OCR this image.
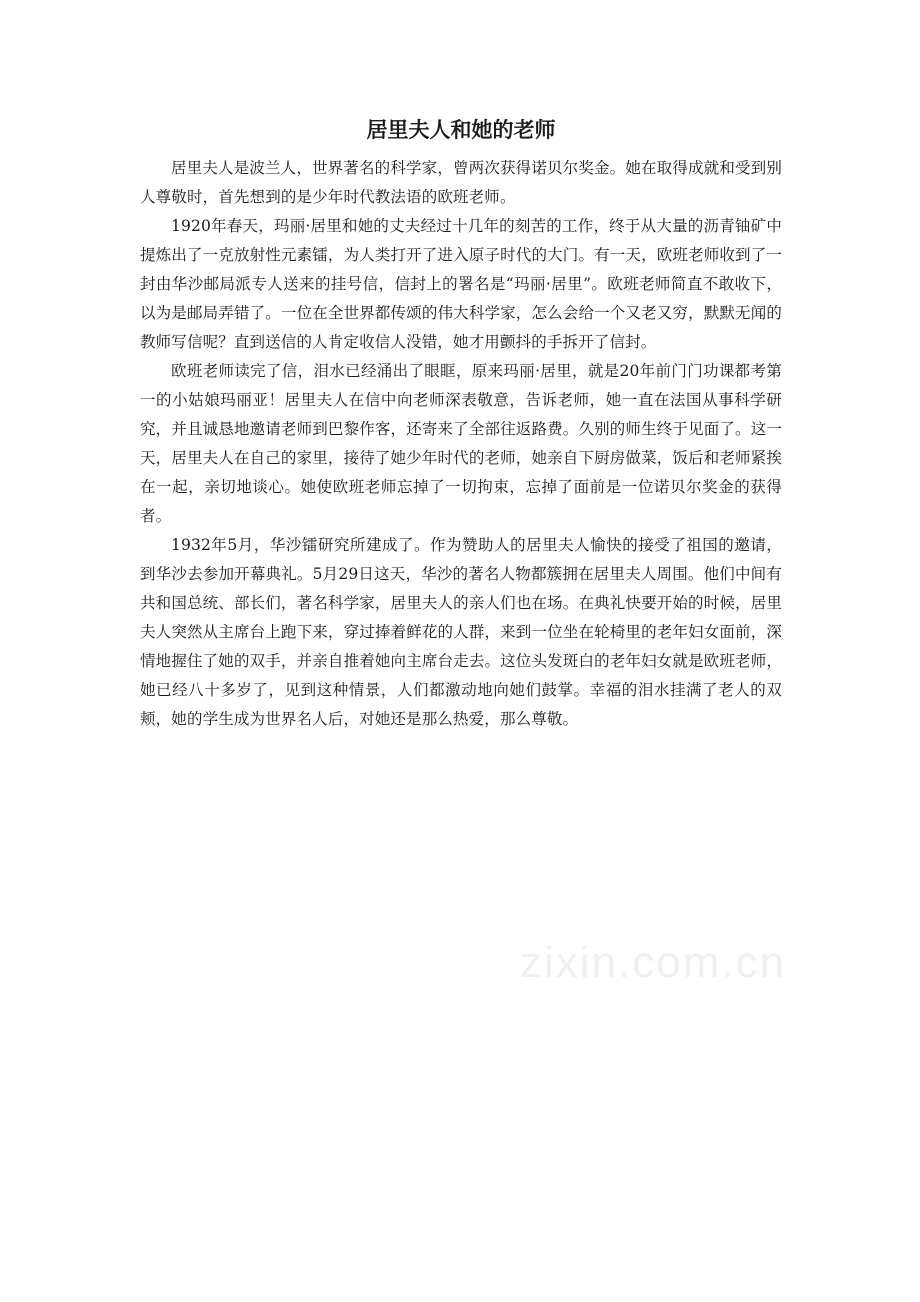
居里夫人和她的老师

居里夫人是波兰人，世界著名的科学家，曾两次获得诺贝尔奖金。她在取得成就和受到别人尊敬时，首先想到的是少年时代教法语的欧班老师。

1920年春天，玛丽·居里和她的丈夫经过十几年的刻苦的工作，终于从大量的沥青铀矿中提炼出了一克放射性元素镭，为人类打开了进入原子时代的大门。有一天，欧班老师收到了一封由华沙邮局派专人送来的挂号信，信封上的署名是“玛丽·居里”。欧班老师简直不敢收下，以为是邮局弄错了。一位在全世界都传颂的伟大科学家，怎么会给一个又老又穷，默默无闻的教师写信呢？直到送信的人肯定收信人没错，她才用颤抖的手拆开了信封。

欧班老师读完了信，泪水已经涌出了眼眶，原来玛丽·居里，就是20年前门门功课都考第一的小姑娘玛丽亚！居里夫人在信中向老师深表敬意，告诉老师，她一直在法国从事科学研究，并且诚恳地邀请老师到巴黎作客，还寄来了全部往返路费。久别的师生终于见面了。这一天，居里夫人在自己的家里，接待了她少年时代的老师，她亲自下厨房做菜，饭后和老师紧挨在一起，亲切地谈心。她使欧班老师忘掉了一切拘束，忘掉了面前是一位诺贝尔奖金的获得者。

1932年5月，华沙镭研究所建成了。作为赞助人的居里夫人愉快的接受了祖国的邀请，到华沙去参加开幕典礼。5月29日这天，华沙的著名人物都簇拥在居里夫人周围。他们中间有共和国总统、部长们，著名科学家，居里夫人的亲人们也在场。在典礼快要开始的时候，居里夫人突然从主席台上跑下来，穿过捧着鲜花的人群，来到一位坐在轮椅里的老年妇女面前，深情地握住了她的双手，并亲自推着她向主席台走去。这位头发斑白的老年妇女就是欧班老师，她已经八十多岁了，见到这种情景，人们都激动地向她们鼓掌。幸福的泪水挂满了老人的双颊，她的学生成为世界名人后，对她还是那么热爱，那么尊敬。

zixin.com.cn
